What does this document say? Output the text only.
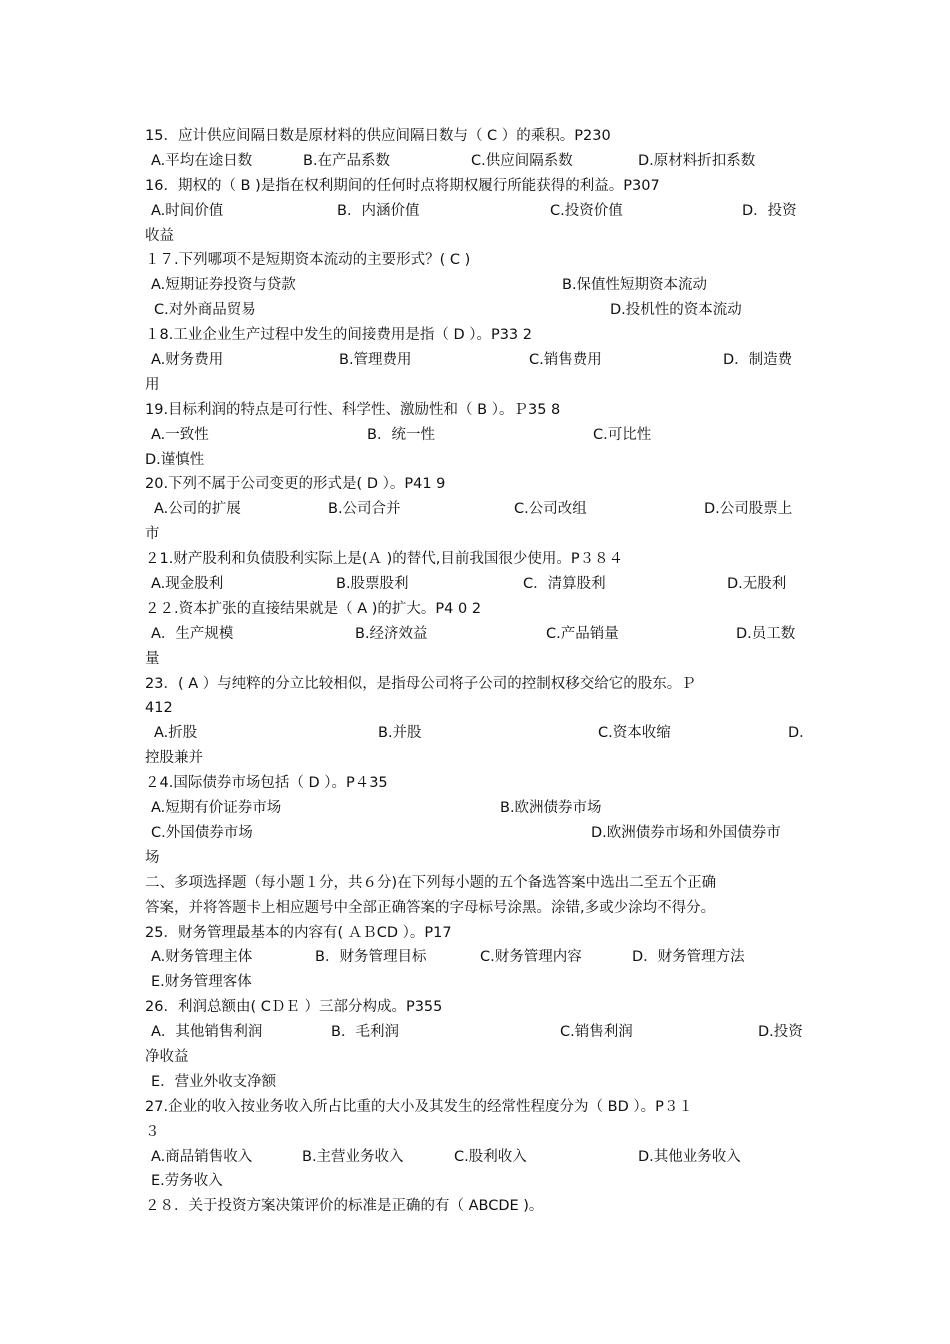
15．应计供应间隔日数是原材料的供应间隔日数与（ C ）的乘积。P230
A.平均在途日数	B.在产品系数	C.供应间隔系数	D.原材料折扣系数
16．期权的（ B )是指在权利期间的任何时点将期权履行所能获得的利益。P307
A.时间价值	B．内涵价值	C.投资价值	D．投资
收益
１７.下列哪项不是短期资本流动的主要形式？( C )
A.短期证券投资与贷款	B.保值性短期资本流动
C.对外商品贸易	D.投机性的资本流动
１8.工业企业生产过程中发生的间接费用是指（ D ）。P33 2
A.财务费用	B.管理费用	C.销售费用	D．制造费
用
19.目标利润的特点是可行性、科学性、激励性和（ B ）。Ｐ35 8
A.一致性	B．统一性	C.可比性
D.谨慎性
20.下列不属于公司变更的形式是( D ）。P41 9
A.公司的扩展	B.公司合并	C.公司改组	D.公司股票上
市
２1.财产股利和负债股利实际上是(Ａ )的替代,目前我国很少使用。P３８４
A.现金股利	B.股票股利	C．清算股利	D.无股利
２２.资本扩张的直接结果就是（ A )的扩大。P4 0 2
A．生产规模	B.经济效益	C.产品销量	D.员工数
量
23．( A ）与纯粹的分立比较相似，是指母公司将子公司的控制权移交给它的股东。Ｐ
412
A.折股	B.并股	C.资本收缩	D．
控股兼并
２4.国际债券市场包括（ D ）。P４35
A.短期有价证券市场	B.欧洲债券市场
C.外国债券市场	D.欧洲债券市场和外国债券市
场
二、多项选择题（每小题１分，共６分)在下列每小题的五个备选答案中选出二至五个正确
答案，并将答题卡上相应题号中全部正确答案的字母标号涂黑。涂错,多或少涂均不得分。
25．财务管理最基本的内容有( ＡＢCD ）。P17
A.财务管理主体	B．财务管理目标	C.财务管理内容	D．财务管理方法
E.财务管理客体
26．利润总额由( CＤＥ ）三部分构成。P355
A．其他销售利润	B．毛利润	C.销售利润	D.投资
净收益
E．营业外收支净额
27.企业的收入按业务收入所占比重的大小及其发生的经常性程度分为（ BD ）。P３１
３
A.商品销售收入	B.主营业务收入	C.股利收入	D.其他业务收入
E.劳务收入
２８．关于投资方案决策评价的标准是正确的有（ ABCDE )。
